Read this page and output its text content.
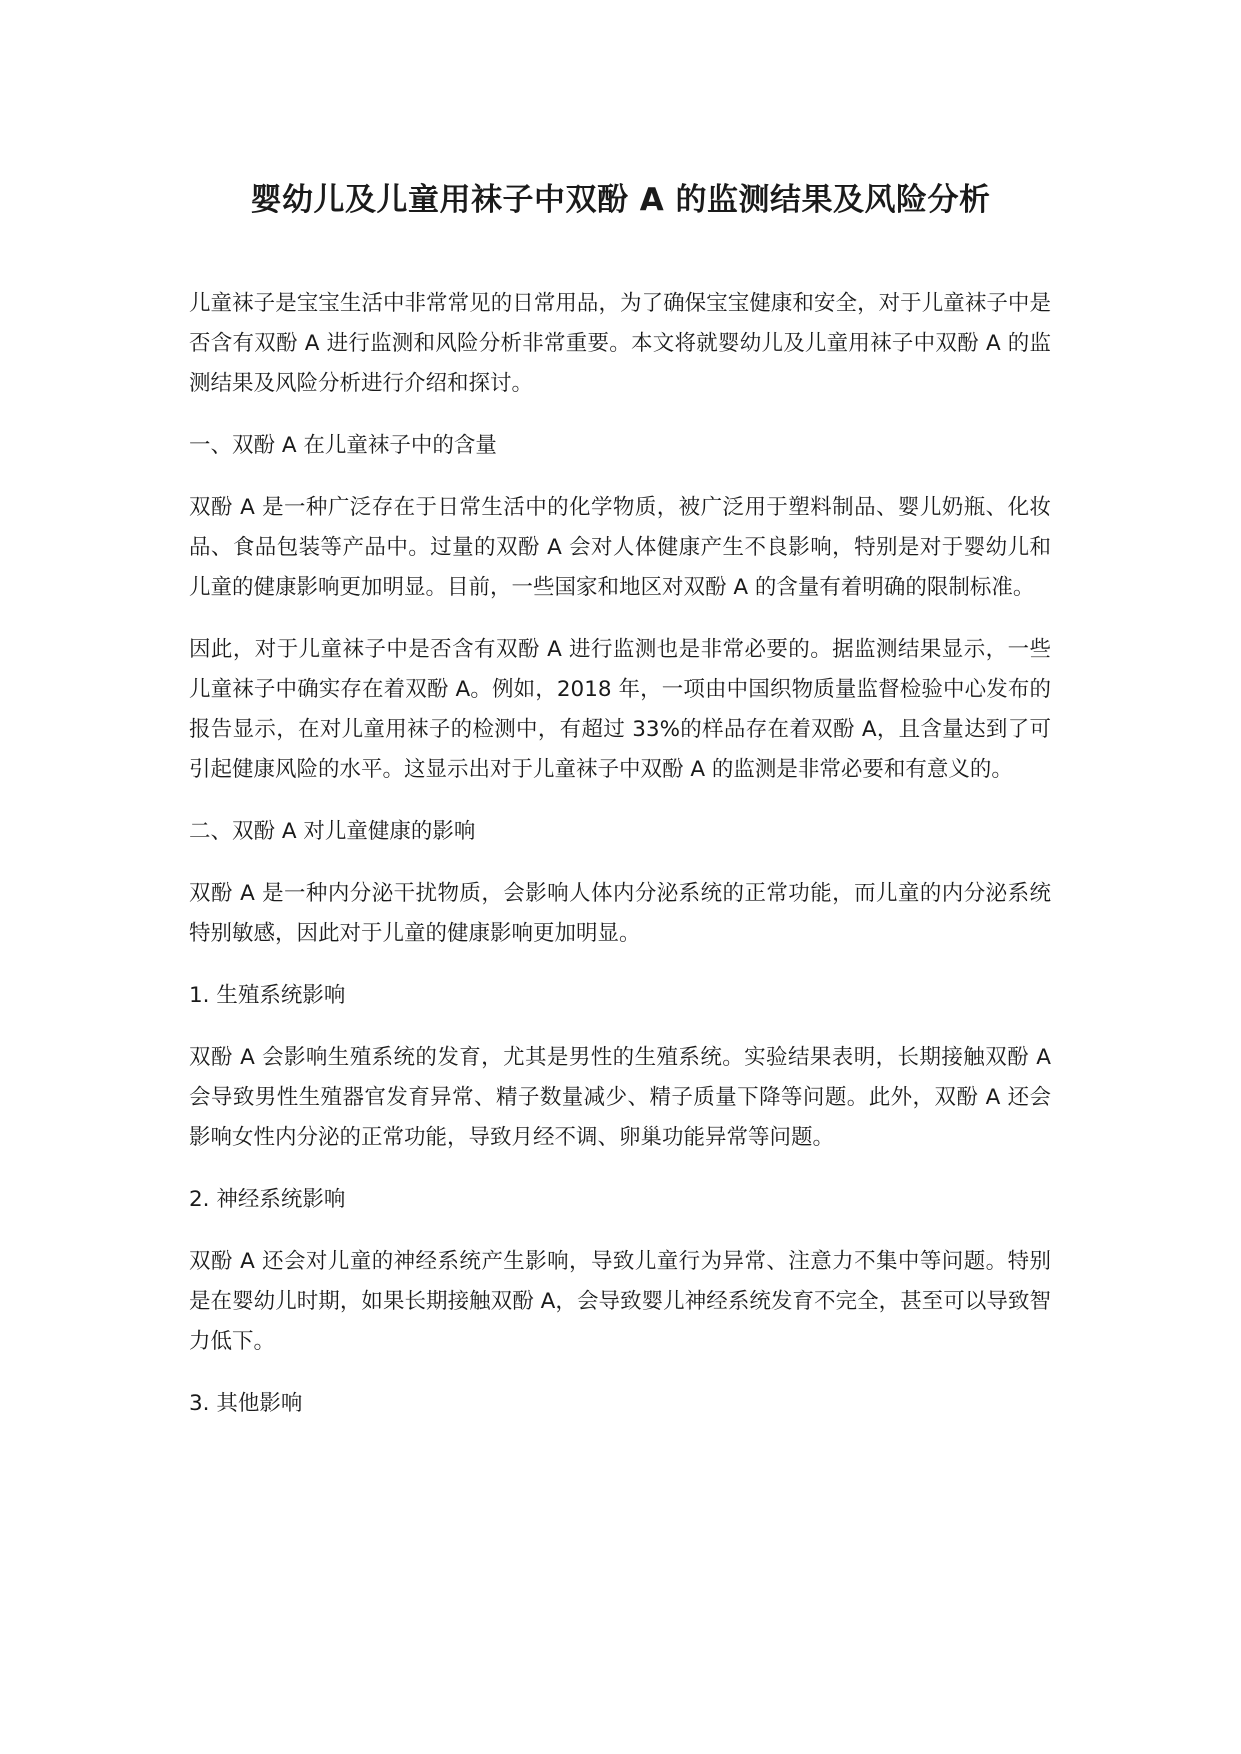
婴幼儿及儿童用袜子中双酚 A 的监测结果及风险分析

儿童袜子是宝宝生活中非常常见的日常用品，为了确保宝宝健康和安全，对于儿童袜子中是否含有双酚 A 进行监测和风险分析非常重要。本文将就婴幼儿及儿童用袜子中双酚 A 的监测结果及风险分析进行介绍和探讨。

一、双酚 A 在儿童袜子中的含量

双酚 A 是一种广泛存在于日常生活中的化学物质，被广泛用于塑料制品、婴儿奶瓶、化妆品、食品包装等产品中。过量的双酚 A 会对人体健康产生不良影响，特别是对于婴幼儿和儿童的健康影响更加明显。目前，一些国家和地区对双酚 A 的含量有着明确的限制标准。

因此，对于儿童袜子中是否含有双酚 A 进行监测也是非常必要的。据监测结果显示，一些儿童袜子中确实存在着双酚 A。例如，2018 年，一项由中国织物质量监督检验中心发布的报告显示，在对儿童用袜子的检测中，有超过 33%的样品存在着双酚 A，且含量达到了可引起健康风险的水平。这显示出对于儿童袜子中双酚 A 的监测是非常必要和有意义的。

二、双酚 A 对儿童健康的影响

双酚 A 是一种内分泌干扰物质，会影响人体内分泌系统的正常功能，而儿童的内分泌系统特别敏感，因此对于儿童的健康影响更加明显。

1. 生殖系统影响

双酚 A 会影响生殖系统的发育，尤其是男性的生殖系统。实验结果表明，长期接触双酚 A 会导致男性生殖器官发育异常、精子数量减少、精子质量下降等问题。此外，双酚 A 还会影响女性内分泌的正常功能，导致月经不调、卵巢功能异常等问题。

2. 神经系统影响

双酚 A 还会对儿童的神经系统产生影响，导致儿童行为异常、注意力不集中等问题。特别是在婴幼儿时期，如果长期接触双酚 A，会导致婴儿神经系统发育不完全，甚至可以导致智力低下。

3. 其他影响
